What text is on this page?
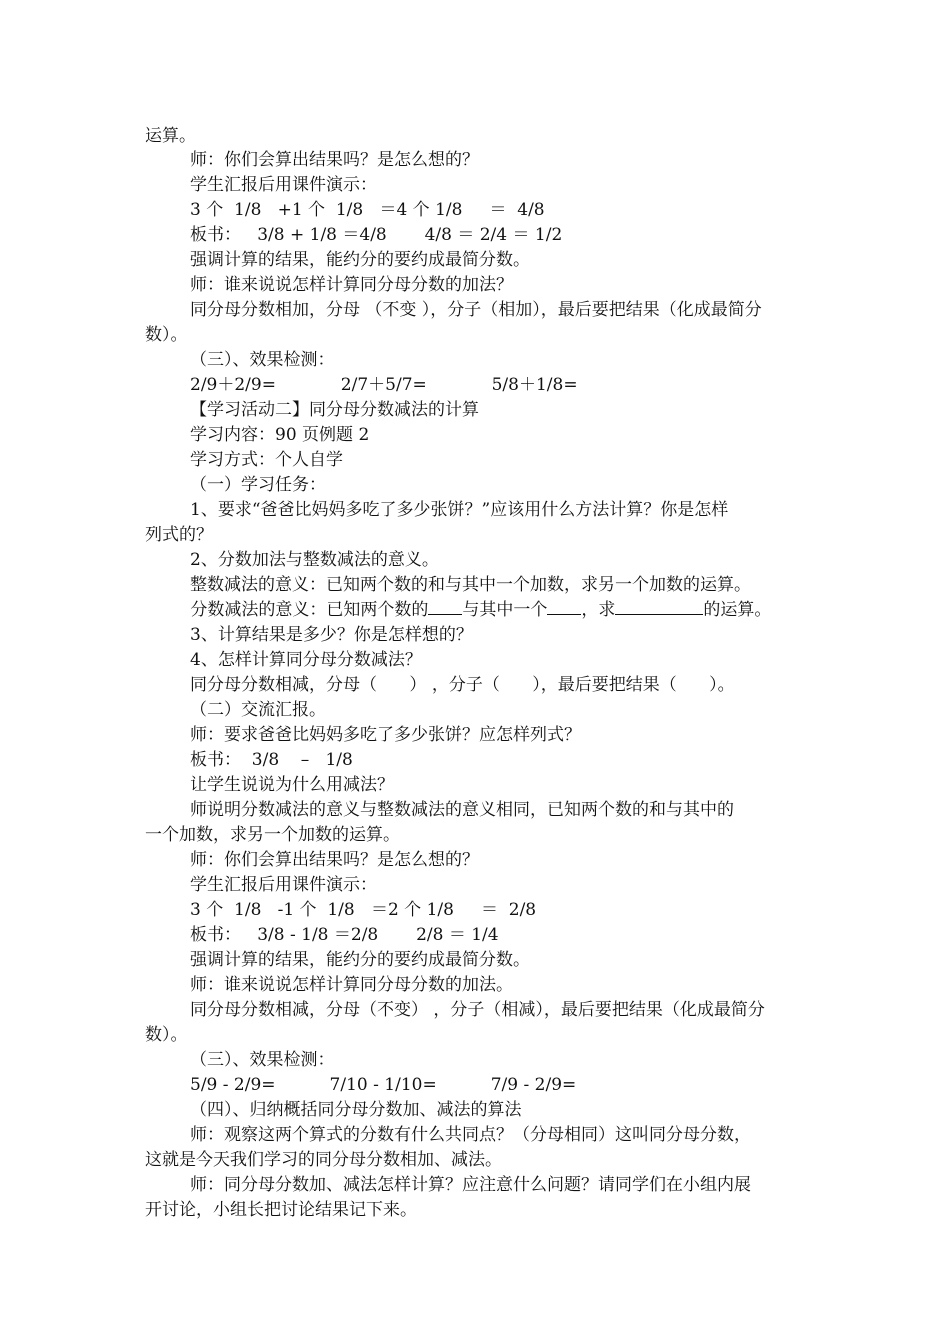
运算。
师：你们会算出结果吗？是怎么想的？
学生汇报后用课件演示：
3 个  1/8   +1 个  1/8   ＝4 个 1/8     ＝  4/8
板书：   3/8 + 1/8 ＝4/8       4/8 ＝ 2/4 ＝ 1/2
强调计算的结果，能约分的要约成最简分数。
师：谁来说说怎样计算同分母分数的加法？
同分母分数相加，分母 （不变 ），分子（相加），最后要把结果（化成最简分
数）。
（三）、效果检测：
2/9＋2/9=            2/7＋5/7=            5/8＋1/8=
【学习活动二】同分母分数减法的计算
学习内容：90 页例题 2
学习方式：个人自学
（一）学习任务：
1、要求“爸爸比妈妈多吃了多少张饼？”应该用什么方法计算？你是怎样
列式的？
2、分数加法与整数减法的意义。
整数减法的意义：已知两个数的和与其中一个加数，求另一个加数的运算。
分数减法的意义：已知两个数的 与其中一个 ，求	的运算。
3、计算结果是多少？你是怎样想的？
4、怎样计算同分母分数减法？
同分母分数相减，分母（      ） ，分子（      ），最后要把结果（      ）。
（二）交流汇报。
师：要求爸爸比妈妈多吃了多少张饼？应怎样列式？
板书：  3/8    –   1/8
让学生说说为什么用减法？
师说明分数减法的意义与整数减法的意义相同，已知两个数的和与其中的
一个加数，求另一个加数的运算。
师：你们会算出结果吗？是怎么想的？
学生汇报后用课件演示：
3 个  1/8   -1 个  1/8   ＝2 个 1/8     ＝  2/8
板书：   3/8 - 1/8 ＝2/8       2/8 ＝ 1/4
强调计算的结果，能约分的要约成最简分数。
师：谁来说说怎样计算同分母分数的加法。
同分母分数相减，分母（不变） ，分子（相减），最后要把结果（化成最简分
数）。
（三）、效果检测：
5/9 - 2/9=          7/10 - 1/10=          7/9 - 2/9=
（四）、归纳概括同分母分数加、减法的算法
师：观察这两个算式的分数有什么共同点？（分母相同）这叫同分母分数，
这就是今天我们学习的同分母分数相加、减法。
师：同分母分数加、减法怎样计算？应注意什么问题？请同学们在小组内展
开讨论，小组长把讨论结果记下来。
